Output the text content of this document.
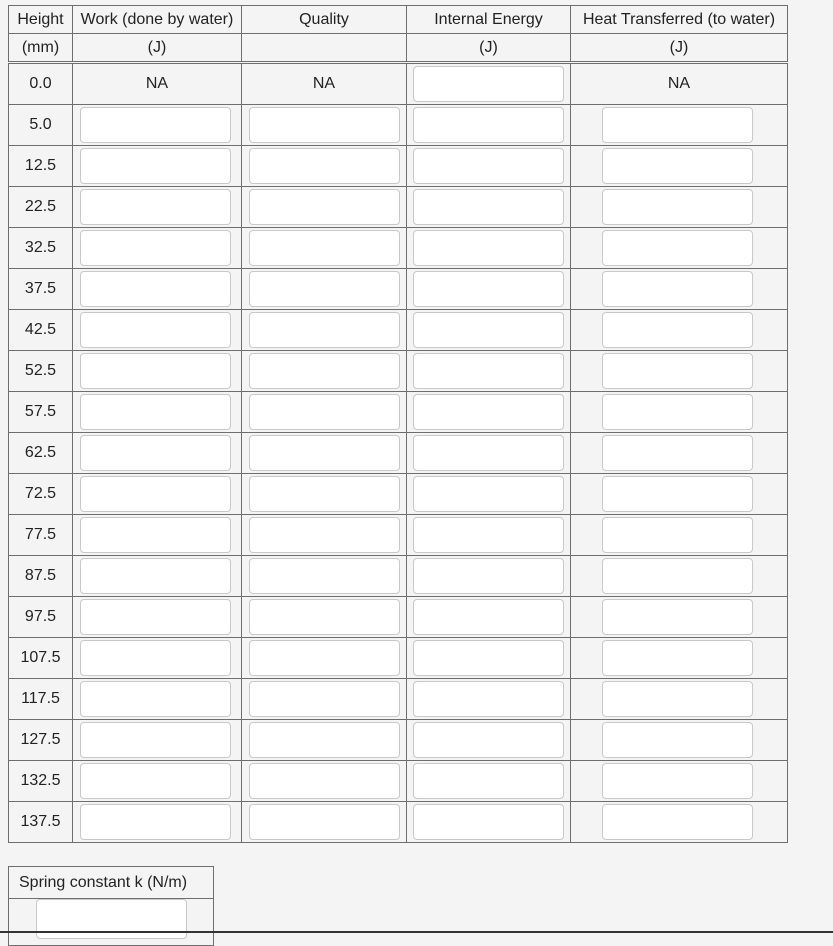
Height	Work (done by water)	Quality	Internal Energy	Heat Transferred (to water)
(mm)	(J)		(J)	(J)
0.0	NA	NA		NA
5.0	

12.5	

22.5	

32.5	

37.5	

42.5	

52.5	

57.5	

62.5	

72.5	

77.5	

87.5	

97.5	

107.5	

117.5	

127.5	

132.5	

137.5	

Spring constant k (N/m)
